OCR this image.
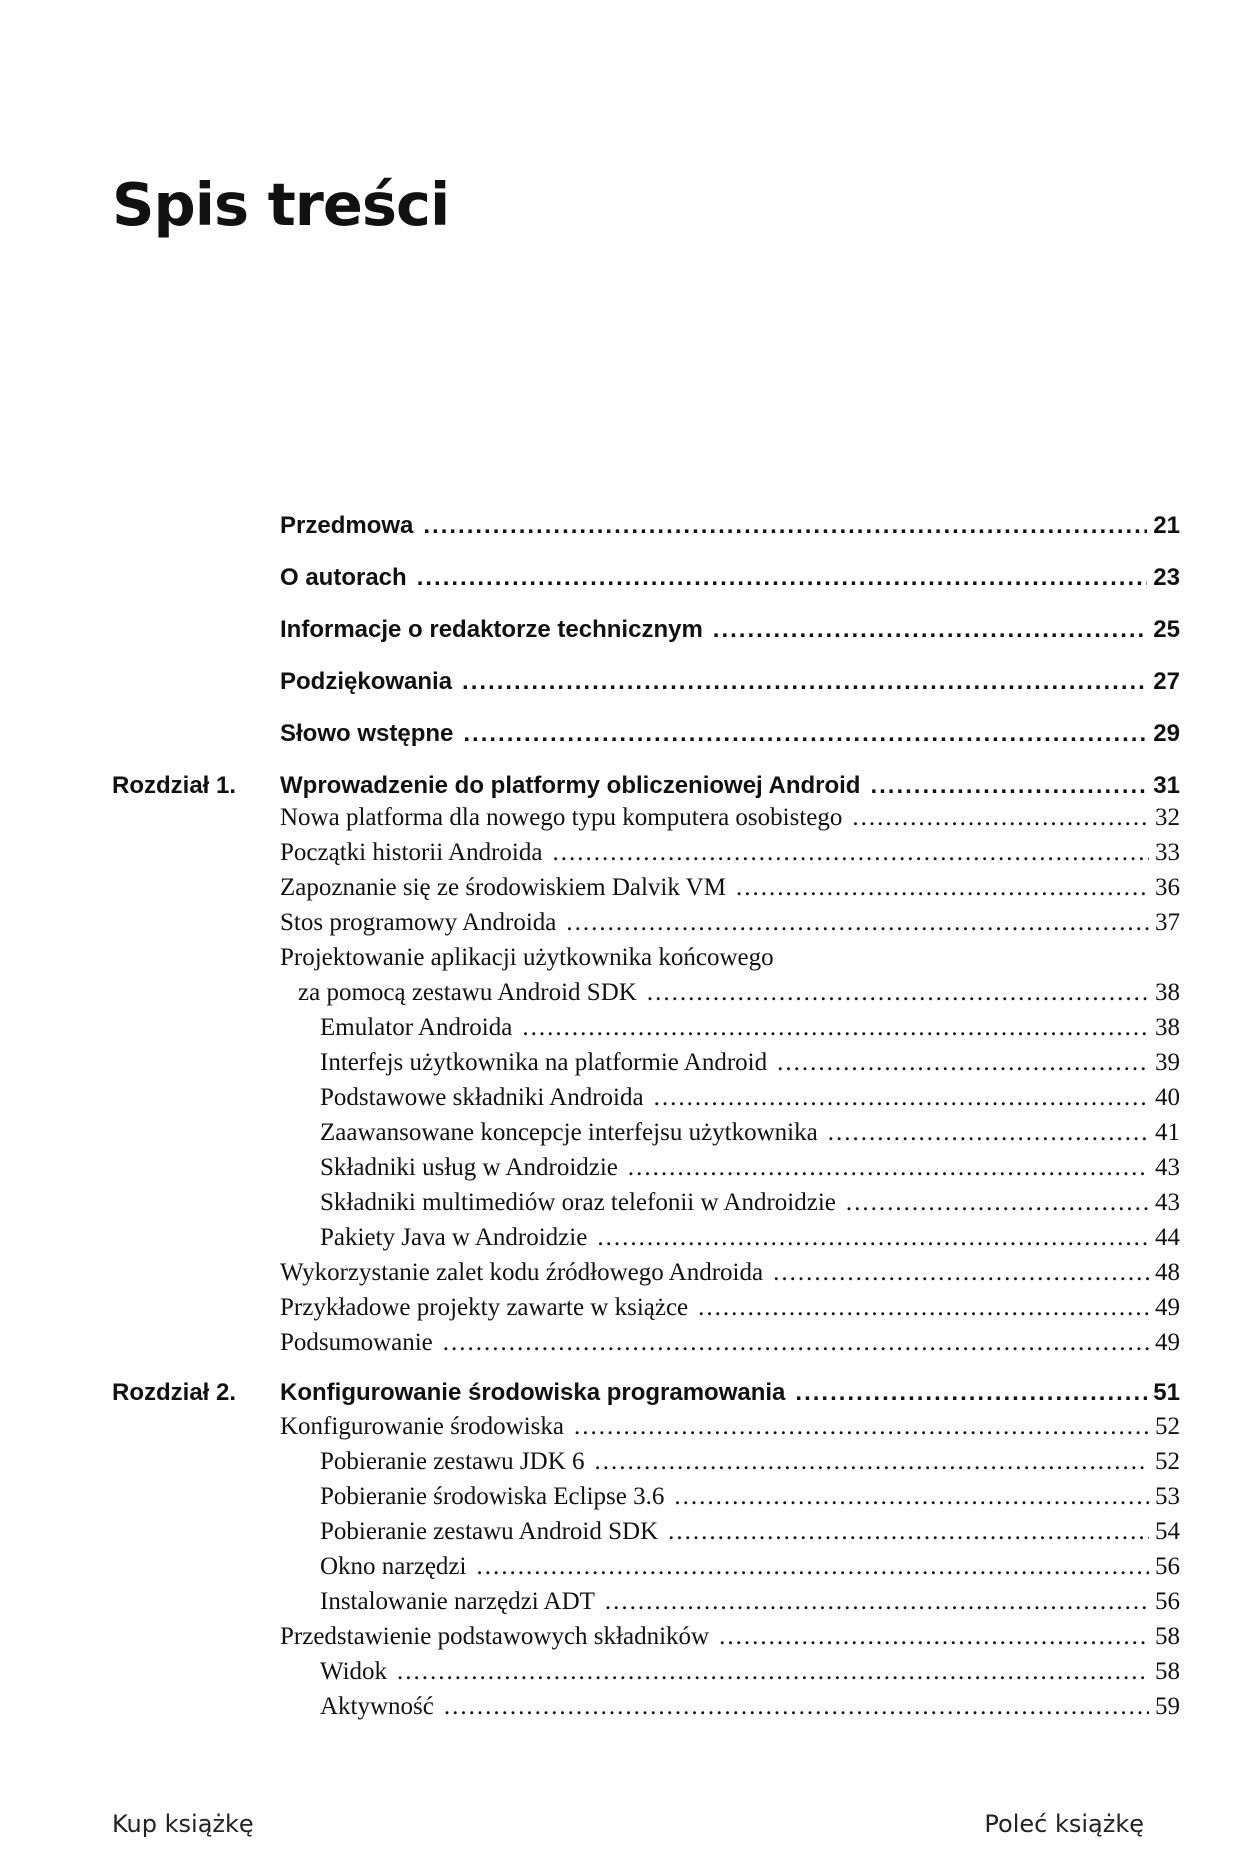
Spis treści
Przedmowa .....	21
O autorach .....	23
Informacje o redaktorze technicznym .....	25
Podziękowania .....	27
Słowo wstępne .....	29
Rozdział 1. Wprowadzenie do platformy obliczeniowej Android .....	31
Nowa platforma dla nowego typu komputera osobistego .....	32
Początki historii Androida .....	33
Zapoznanie się ze środowiskiem Dalvik VM .....	36
Stos programowy Androida .....	37
Projektowanie aplikacji użytkownika końcowego
za pomocą zestawu Android SDK .....	38
Emulator Androida .....	38
Interfejs użytkownika na platformie Android .....	39
Podstawowe składniki Androida .....	40
Zaawansowane koncepcje interfejsu użytkownika .....	41
Składniki usług w Androidzie .....	43
Składniki multimediów oraz telefonii w Androidzie .....	43
Pakiety Java w Androidzie .....	44
Wykorzystanie zalet kodu źródłowego Androida .....	48
Przykładowe projekty zawarte w książce .....	49
Podsumowanie .....	49
Rozdział 2. Konfigurowanie środowiska programowania .....	51
Konfigurowanie środowiska .....	52
Pobieranie zestawu JDK 6 .....	52
Pobieranie środowiska Eclipse 3.6 .....	53
Pobieranie zestawu Android SDK .....	54
Okno narzędzi .....	56
Instalowanie narzędzi ADT .....	56
Przedstawienie podstawowych składników .....	58
Widok .....	58
Aktywność .....	59
Kup książkę	Poleć książkę
